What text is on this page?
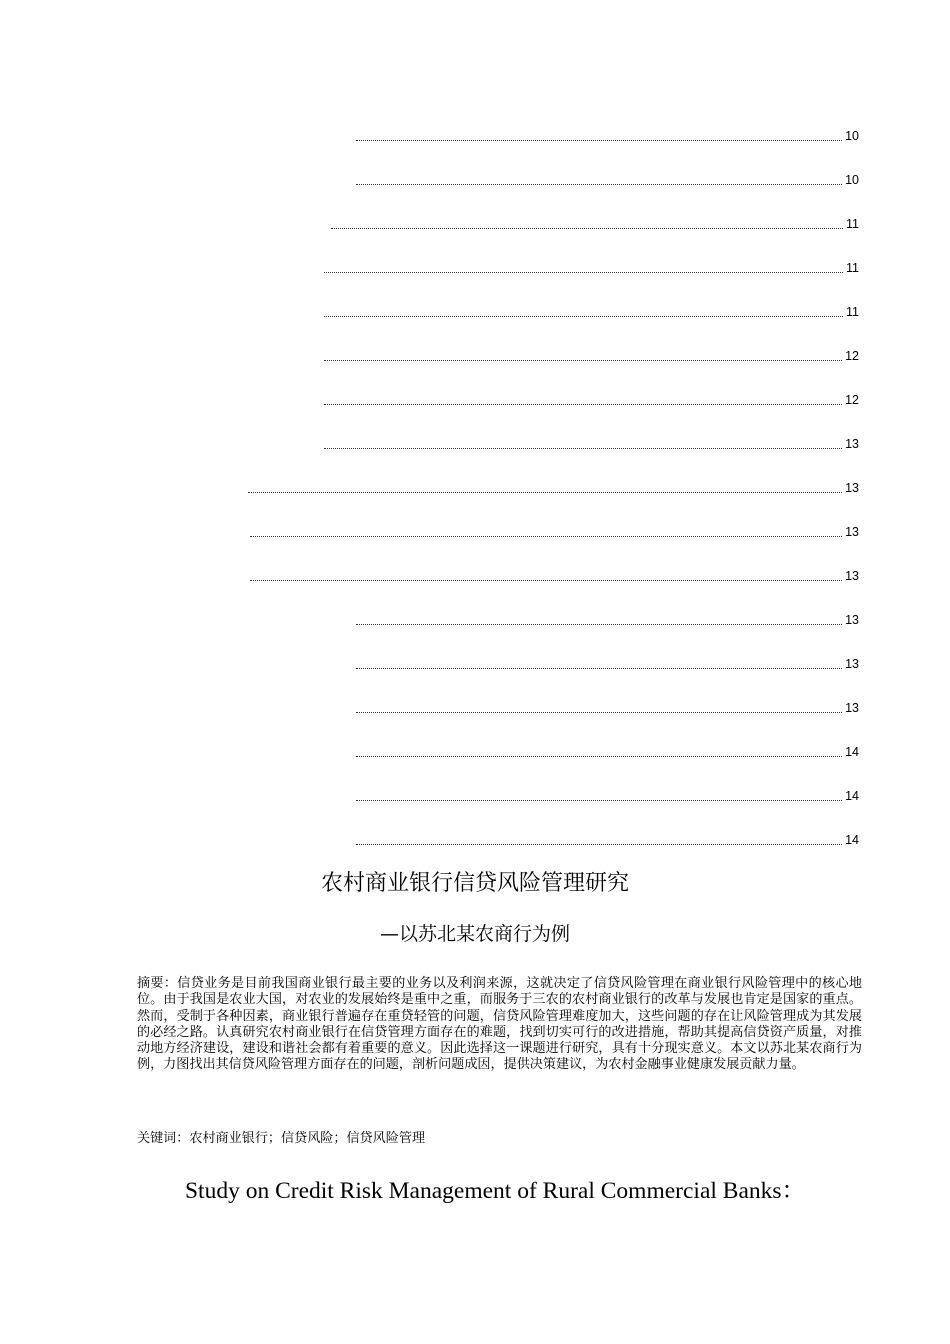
10
10
11
11
11
12
12
13
13
13
13
13
13
13
14
14
14
农村商业银行信贷风险管理研究
—以苏北某农商行为例
摘要：信贷业务是目前我国商业银行最主要的业务以及利润来源，这就决定了信贷风险管理在商业银行风险管理中的核心地位。由于我国是农业大国，对农业的发展始终是重中之重，而服务于三农的农村商业银行的改革与发展也肯定是国家的重点。然而，受制于各种因素，商业银行普遍存在重贷轻管的问题，信贷风险管理难度加大，这些问题的存在让风险管理成为其发展的必经之路。认真研究农村商业银行在信贷管理方面存在的难题，找到切实可行的改进措施，帮助其提高信贷资产质量，对推动地方经济建设，建设和谐社会都有着重要的意义。因此选择这一课题进行研究，具有十分现实意义。本文以苏北某农商行为例，力图找出其信贷风险管理方面存在的问题，剖析问题成因，提供决策建议，为农村金融事业健康发展贡献力量。
关键词：农村商业银行；信贷风险；信贷风险管理
Study on Credit Risk Management of Rural Commercial Banks：
